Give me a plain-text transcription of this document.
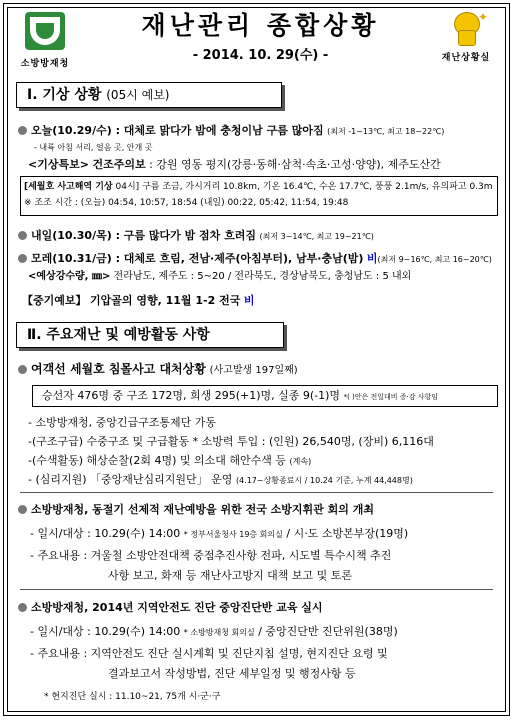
소방방재청
재난관리 종합상황
- 2014. 10. 29(수) -
✦
재난상황실
Ⅰ. 기상 상황 (05시 예보)
오늘(10.29/수) : 대체로 맑다가 밤에 충청이남 구름 많아짐 (최저 -1~13℃, 최고 18~22℃)
- 내륙 아침 서리, 얼음 곳, 안개 곳
<기상특보> 건조주의보 : 강원 영동 평지(강릉·동해·삼척·속초·고성·양양), 제주도산간
[세월호 사고해역 기상 04시] 구름 조금, 가시거리 10.8km, 기온 16.4℃, 수온 17.7℃, 풍풍 2.1m/s, 유의파고 0.3m
※ 조조 시간 : (오늘) 04:54, 10:57, 18:54 (내일) 00:22, 05:42, 11:54, 19:48
내일(10.30/목) : 구름 많다가 밤 점차 흐려짐 (최저 3~14℃, 최고 19~21℃)
모레(10.31/금) : 대체로 흐림, 전남·제주(아침부터), 남부·충남(밤) 비(최저 9~16℃, 최고 16~20℃)
<예상강수량, ㎜> 전라남도, 제주도 : 5~20 / 전라북도, 경상남북도, 충청남도 : 5 내외
【중기예보】 기압골의 영향, 11월 1-2 전국 비
Ⅱ. 주요재난 및 예방활동 사항
여객선 세월호 침몰사고 대처상황 (사고발생 197일째)
승선자 476명 중 구조 172명, 희생 295(+1)명, 실종 9(-1)명 *( )안은 전일대비 증·감 사항임
- 소방방재청, 중앙긴급구조통제단 가동
-(구조구급) 수중구조 및 구급활동 * 소방력 투입 : (인원) 26,540명, (장비) 6,116대
-(수색활동) 해상순찰(2회 4명) 및 의소대 해안수색 등 (계속)
- (심리지원) 「중앙재난심리지원단」 운영 (4.17~상황종료시 / 10.24 기준, 누계 44,448명)
소방방재청, 동절기 선제적 재난예방을 위한 전국 소방지휘관 회의 개최
- 일시/대상 : 10.29(수) 14:00 * 정부서울청사 19층 회의실 / 시·도 소방본부장(19명)
- 주요내용 : 겨울철 소방안전대책 중점추진사항 전파, 시도별 특수시책 추진
사항 보고, 화재 등 재난사고방지 대책 보고 및 토론
소방방재청, 2014년 지역안전도 진단 중앙진단반 교육 실시
- 일시/대상 : 10.29(수) 14:00 * 소방방재청 회의실 / 중앙진단반 진단위원(38명)
- 주요내용 : 지역안전도 진단 실시계획 및 진단지침 설명, 현지진단 요령 및
결과보고서 작성방법, 진단 세부일정 및 행정사항 등
* 현지진단 실시 : 11.10~21, 75개 시·군·구
